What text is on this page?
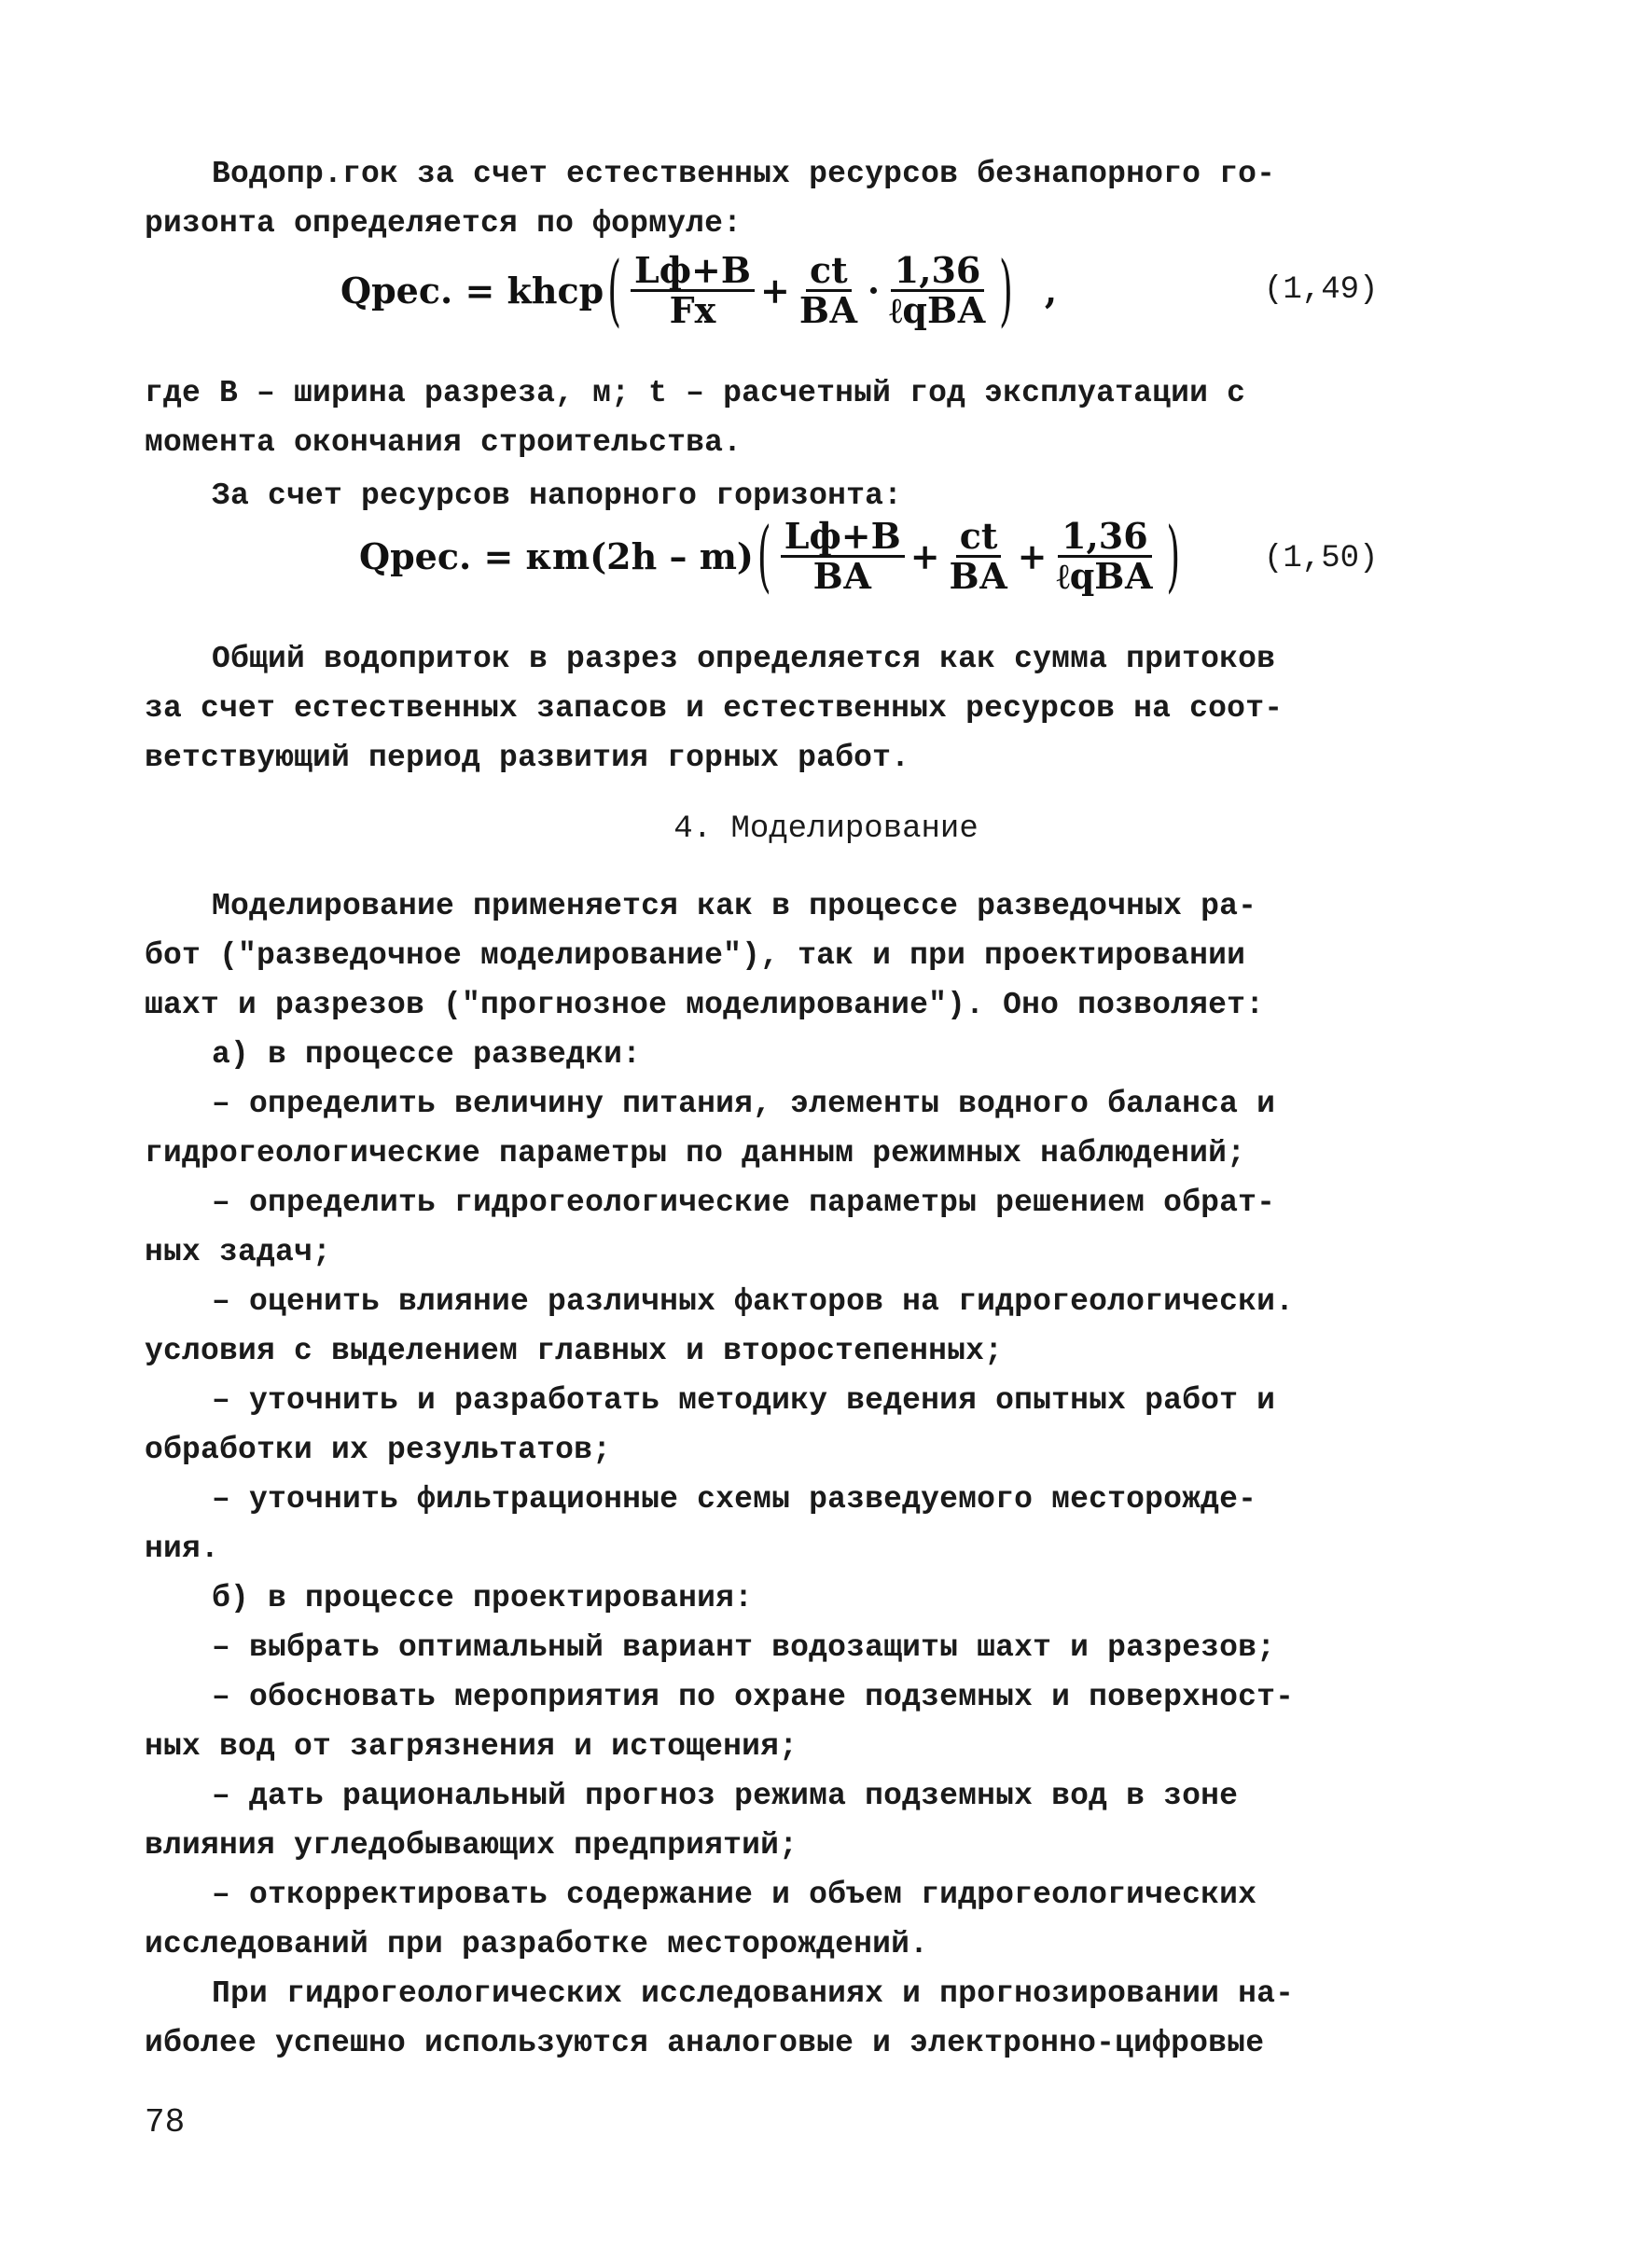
Водопр.гок за счет естественных ресурсов безнапорного го-
ризонта определяется по формуле:
Qрес. = khср ( $\frac{Lф+B}{Fх} + \frac{ct}{BА} \cdot \frac{1,36}{\text{ℓqBА}}$ ) ,	(1,49)
где B – ширина разреза, м; t – расчетный год эксплуатации с
момента окончания строительства.
За счет ресурсов напорного горизонта:
Qрес. = κm(2h – m) ( $\frac{Lф+B}{BА} + \frac{ct}{BА} + \frac{1,36}{\text{ℓqBА}}$ )	(1,50)
Общий водоприток в разрез определяется как сумма притоков
за счет естественных запасов и естественных ресурсов на соот-
ветствующий период развития горных работ.
4. Моделирование
Моделирование применяется как в процессе разведочных ра-
бот ("разведочное моделирование"), так и при проектировании
шахт и разрезов ("прогнозное моделирование"). Оно позволяет:
а) в процессе разведки:
– определить величину питания, элементы водного баланса и
гидрогеологические параметры по данным режимных наблюдений;
– определить гидрогеологические параметры решением обрат-
ных задач;
– оценить влияние различных факторов на гидрогеологически.
условия с выделением главных и второстепенных;
– уточнить и разработать методику ведения опытных работ и
обработки их результатов;
– уточнить фильтрационные схемы разведуемого месторожде-
ния.
б) в процессе проектирования:
– выбрать оптимальный вариант водозащиты шахт и разрезов;
– обосновать мероприятия по охране подземных и поверхност-
ных вод от загрязнения и истощения;
– дать рациональный прогноз режима подземных вод в зоне
влияния угледобывающих предприятий;
– откорректировать содержание и объем гидрогеологических
исследований при разработке месторождений.
При гидрогеологических исследованиях и прогнозировании на-
иболее успешно используются аналоговые и электронно-цифровые
78
